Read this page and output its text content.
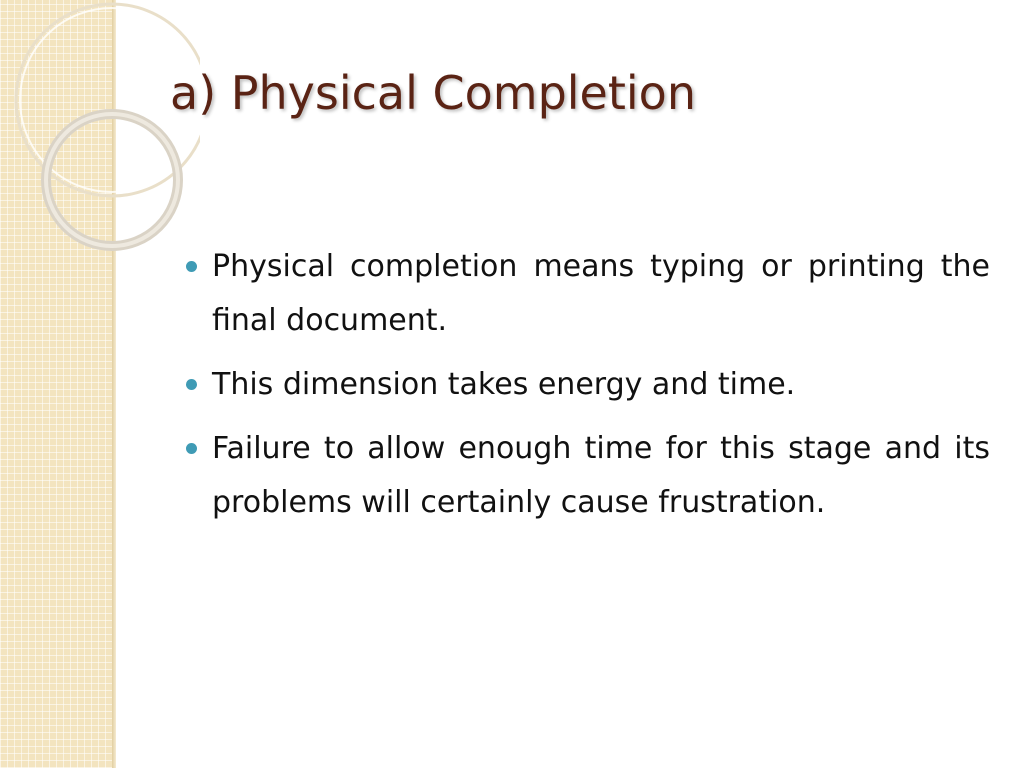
a) Physical Completion
Physical completion means typing or printing the final document.
This dimension takes energy and time.
Failure to allow enough time for this stage and its problems will certainly cause frustration.
